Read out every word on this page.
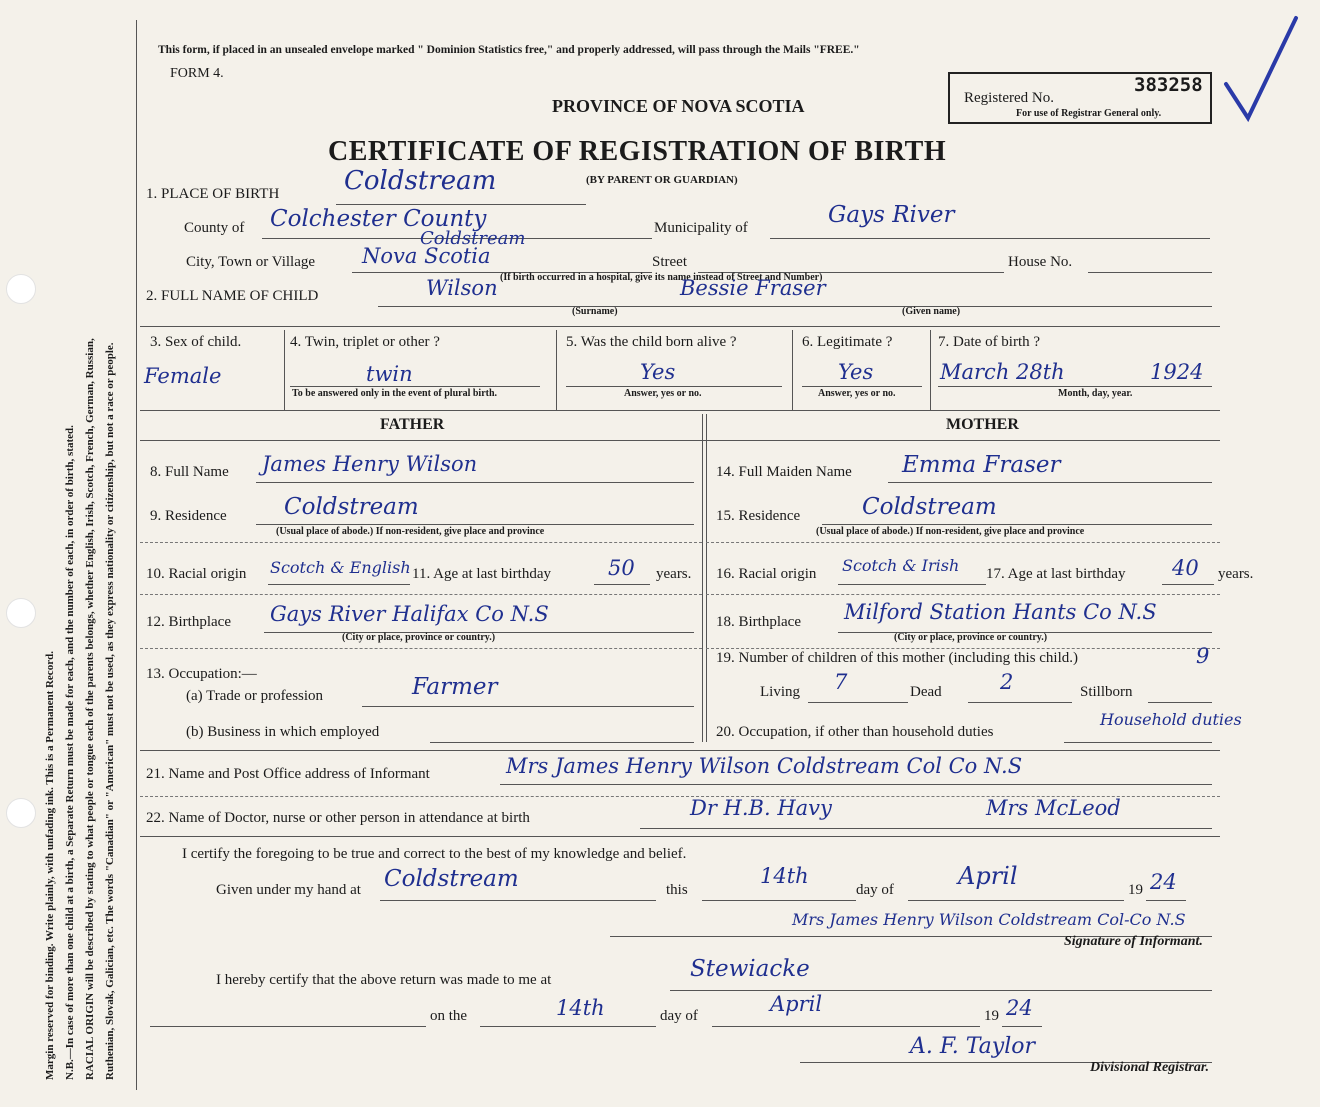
Margin reserved for binding. Write plainly, with unfading ink. This is a Permanent Record. N.B.—In case of more than one child at a birth, a Separate Return must be made for each, and the number of each, in order of birth, stated. RACIAL ORIGIN will be described by stating to what people or tongue each of the parents belongs, whether English, Irish, Scotch, French, German, Russian, Ruthenian, Slovak, Galician, etc. The words "Canadian" or "American" must not be used, as they express nationality or citizenship, but not a race or people.
This form, if placed in an unsealed envelope marked " Dominion Statistics free," and properly addressed, will pass through the Mails "FREE."
FORM 4.
PROVINCE OF NOVA SCOTIA	Registered No.
383258
For use of Registrar General only.
CERTIFICATE OF REGISTRATION OF BIRTH
(BY PARENT OR GUARDIAN)
1. PLACE OF BIRTH Coldstream
County of Colchester County	Municipality of	Gays River
City, Town or Village
Coldstream
Nova Scotia	Street	House No.
(If birth occurred in a hospital, give its name instead of Street and Number)
2. FULL NAME OF CHILD	Wilson	Bessie Fraser
(Surname)	(Given name)
3. Sex of child.
Female
4. Twin, triplet or other ?
twin
To be answered only in the event of plural birth.
5. Was the child born alive ?
Yes
Answer, yes or no.
6. Legitimate ?
Yes
Answer, yes or no.
7. Date of birth ?
March 28th	1924
Month, day, year.
FATHER	MOTHER
8. Full Name James Henry Wilson
9. Residence Coldstream
(Usual place of abode.) If non-resident, give place and province
10. Racial origin Scotch & English 11. Age at last birthday	50 years.
12. Birthplace Gays River Halifax Co N.S
(City or place, province or country.)
13. Occupation:—
(a) Trade or profession	Farmer
(b) Business in which employed
14. Full Maiden Name Emma Fraser
15. Residence	Coldstream
(Usual place of abode.) If non-resident, give place and province
16. Racial origin Scotch & Irish 17. Age at last birthday 40 years.
18. Birthplace Milford Station Hants Co N.S
(City or place, province or country.)
19. Number of children of this mother (including this child.)	9
Living 7	Dead	2	Stillborn
20. Occupation, if other than household duties
Household duties
21. Name and Post Office address of Informant	Mrs James Henry Wilson Coldstream Col Co N.S
22. Name of Doctor, nurse or other person in attendance at birth	Dr H.B. Havy	Mrs McLeod
I certify the foregoing to be true and correct to the best of my knowledge and belief.
Given under my hand at Coldstream	this
14th
day of	April	19 24
Mrs James Henry Wilson Coldstream Col-Co N.S
Signature of Informant.
I hereby certify that the above return was made to me at	Stewiacke
on the	14th	day of	April	19 24
A. F. Taylor
Divisional Registrar.
